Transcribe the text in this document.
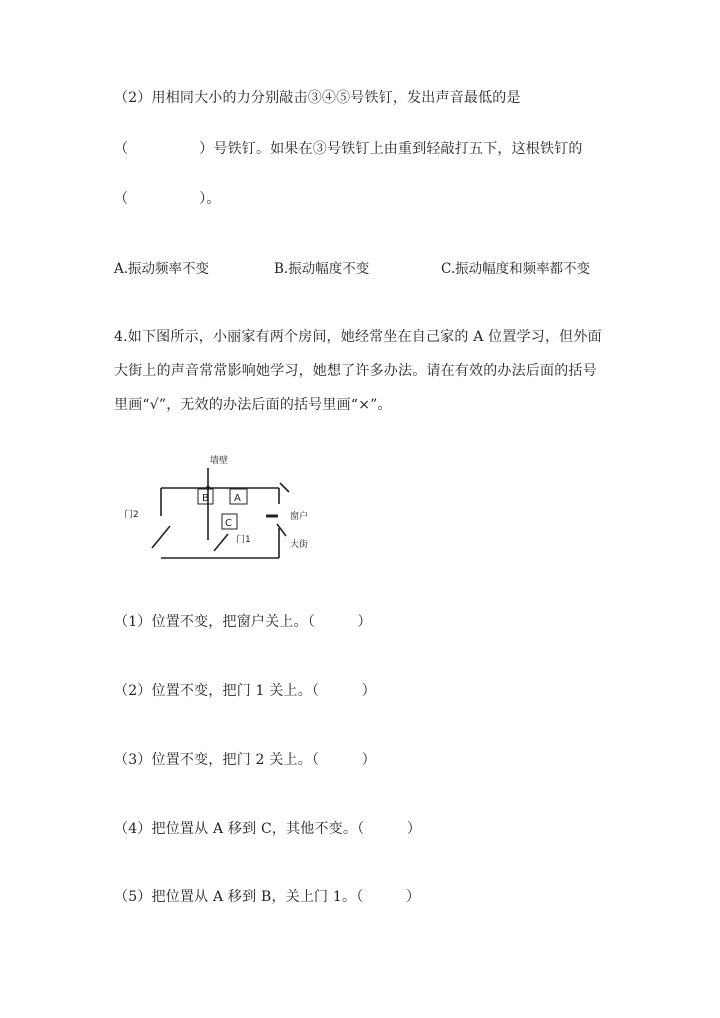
（2）用相同大小的力分别敲击③④⑤号铁钉，发出声音最低的是
（　　　　　）号铁钉。如果在③号铁钉上由重到轻敲打五下，这根铁钉的
（　　　　　）。
A.振动频率不变	B.振动幅度不变	C.振动幅度和频率都不变
4.如下图所示，小丽家有两个房间，她经常坐在自己家的 A 位置学习，但外面
大街上的声音常常影响她学习，她想了许多办法。请在有效的办法后面的括号
里画“√”，无效的办法后面的括号里画“×”。
墙壁
B	A
C
门1
门2	窗户
大街
（1）位置不变，把窗户关上。（　　　）
（2）位置不变，把门 1 关上。（　　　）
（3）位置不变，把门 2 关上。（　　　）
（4）把位置从 A 移到 C，其他不变。（　　　）
（5）把位置从 A 移到 B，关上门 1。（　　　）
